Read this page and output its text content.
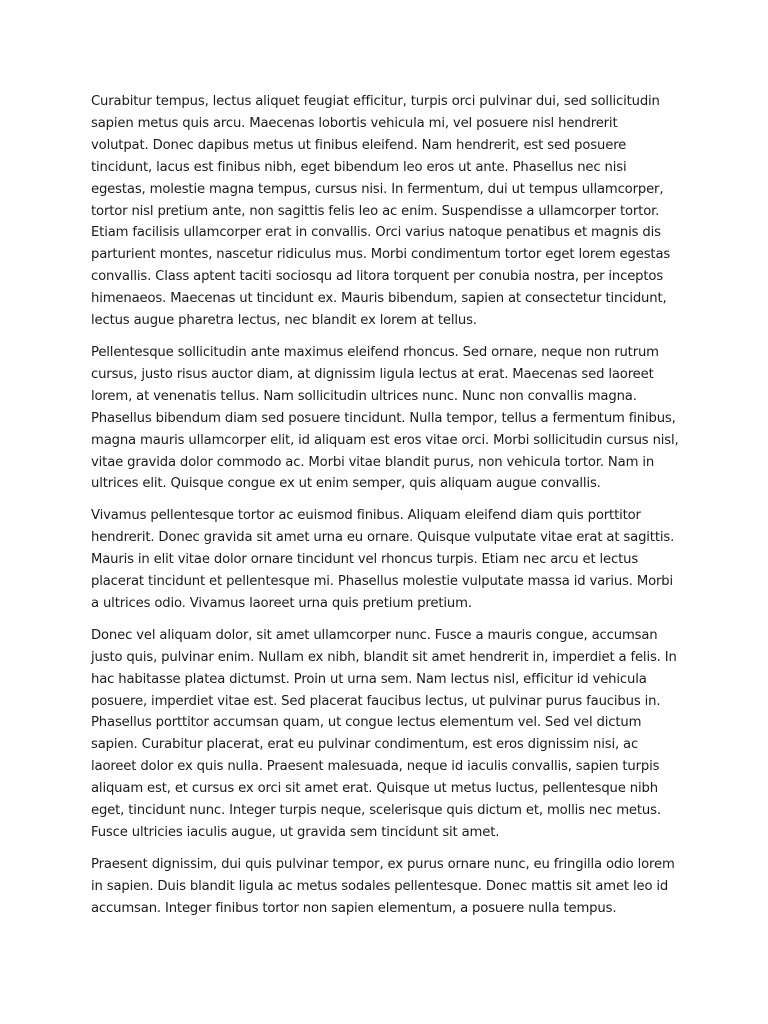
Curabitur tempus, lectus aliquet feugiat efficitur, turpis orci pulvinar dui, sed sollicitudin sapien metus quis arcu. Maecenas lobortis vehicula mi, vel posuere nisl hendrerit volutpat. Donec dapibus metus ut finibus eleifend. Nam hendrerit, est sed posuere tincidunt, lacus est finibus nibh, eget bibendum leo eros ut ante. Phasellus nec nisi egestas, molestie magna tempus, cursus nisi. In fermentum, dui ut tempus ullamcorper, tortor nisl pretium ante, non sagittis felis leo ac enim. Suspendisse a ullamcorper tortor. Etiam facilisis ullamcorper erat in convallis. Orci varius natoque penatibus et magnis dis parturient montes, nascetur ridiculus mus. Morbi condimentum tortor eget lorem egestas convallis. Class aptent taciti sociosqu ad litora torquent per conubia nostra, per inceptos himenaeos. Maecenas ut tincidunt ex. Mauris bibendum, sapien at consectetur tincidunt, lectus augue pharetra lectus, nec blandit ex lorem at tellus.

Pellentesque sollicitudin ante maximus eleifend rhoncus. Sed ornare, neque non rutrum cursus, justo risus auctor diam, at dignissim ligula lectus at erat. Maecenas sed laoreet lorem, at venenatis tellus. Nam sollicitudin ultrices nunc. Nunc non convallis magna. Phasellus bibendum diam sed posuere tincidunt. Nulla tempor, tellus a fermentum finibus, magna mauris ullamcorper elit, id aliquam est eros vitae orci. Morbi sollicitudin cursus nisl, vitae gravida dolor commodo ac. Morbi vitae blandit purus, non vehicula tortor. Nam in ultrices elit. Quisque congue ex ut enim semper, quis aliquam augue convallis.

Vivamus pellentesque tortor ac euismod finibus. Aliquam eleifend diam quis porttitor hendrerit. Donec gravida sit amet urna eu ornare. Quisque vulputate vitae erat at sagittis. Mauris in elit vitae dolor ornare tincidunt vel rhoncus turpis. Etiam nec arcu et lectus placerat tincidunt et pellentesque mi. Phasellus molestie vulputate massa id varius. Morbi a ultrices odio. Vivamus laoreet urna quis pretium pretium.

Donec vel aliquam dolor, sit amet ullamcorper nunc. Fusce a mauris congue, accumsan justo quis, pulvinar enim. Nullam ex nibh, blandit sit amet hendrerit in, imperdiet a felis. In hac habitasse platea dictumst. Proin ut urna sem. Nam lectus nisl, efficitur id vehicula posuere, imperdiet vitae est. Sed placerat faucibus lectus, ut pulvinar purus faucibus in. Phasellus porttitor accumsan quam, ut congue lectus elementum vel. Sed vel dictum sapien. Curabitur placerat, erat eu pulvinar condimentum, est eros dignissim nisi, ac laoreet dolor ex quis nulla. Praesent malesuada, neque id iaculis convallis, sapien turpis aliquam est, et cursus ex orci sit amet erat. Quisque ut metus luctus, pellentesque nibh eget, tincidunt nunc. Integer turpis neque, scelerisque quis dictum et, mollis nec metus. Fusce ultricies iaculis augue, ut gravida sem tincidunt sit amet.

Praesent dignissim, dui quis pulvinar tempor, ex purus ornare nunc, eu fringilla odio lorem in sapien. Duis blandit ligula ac metus sodales pellentesque. Donec mattis sit amet leo id accumsan. Integer finibus tortor non sapien elementum, a posuere nulla tempus.
